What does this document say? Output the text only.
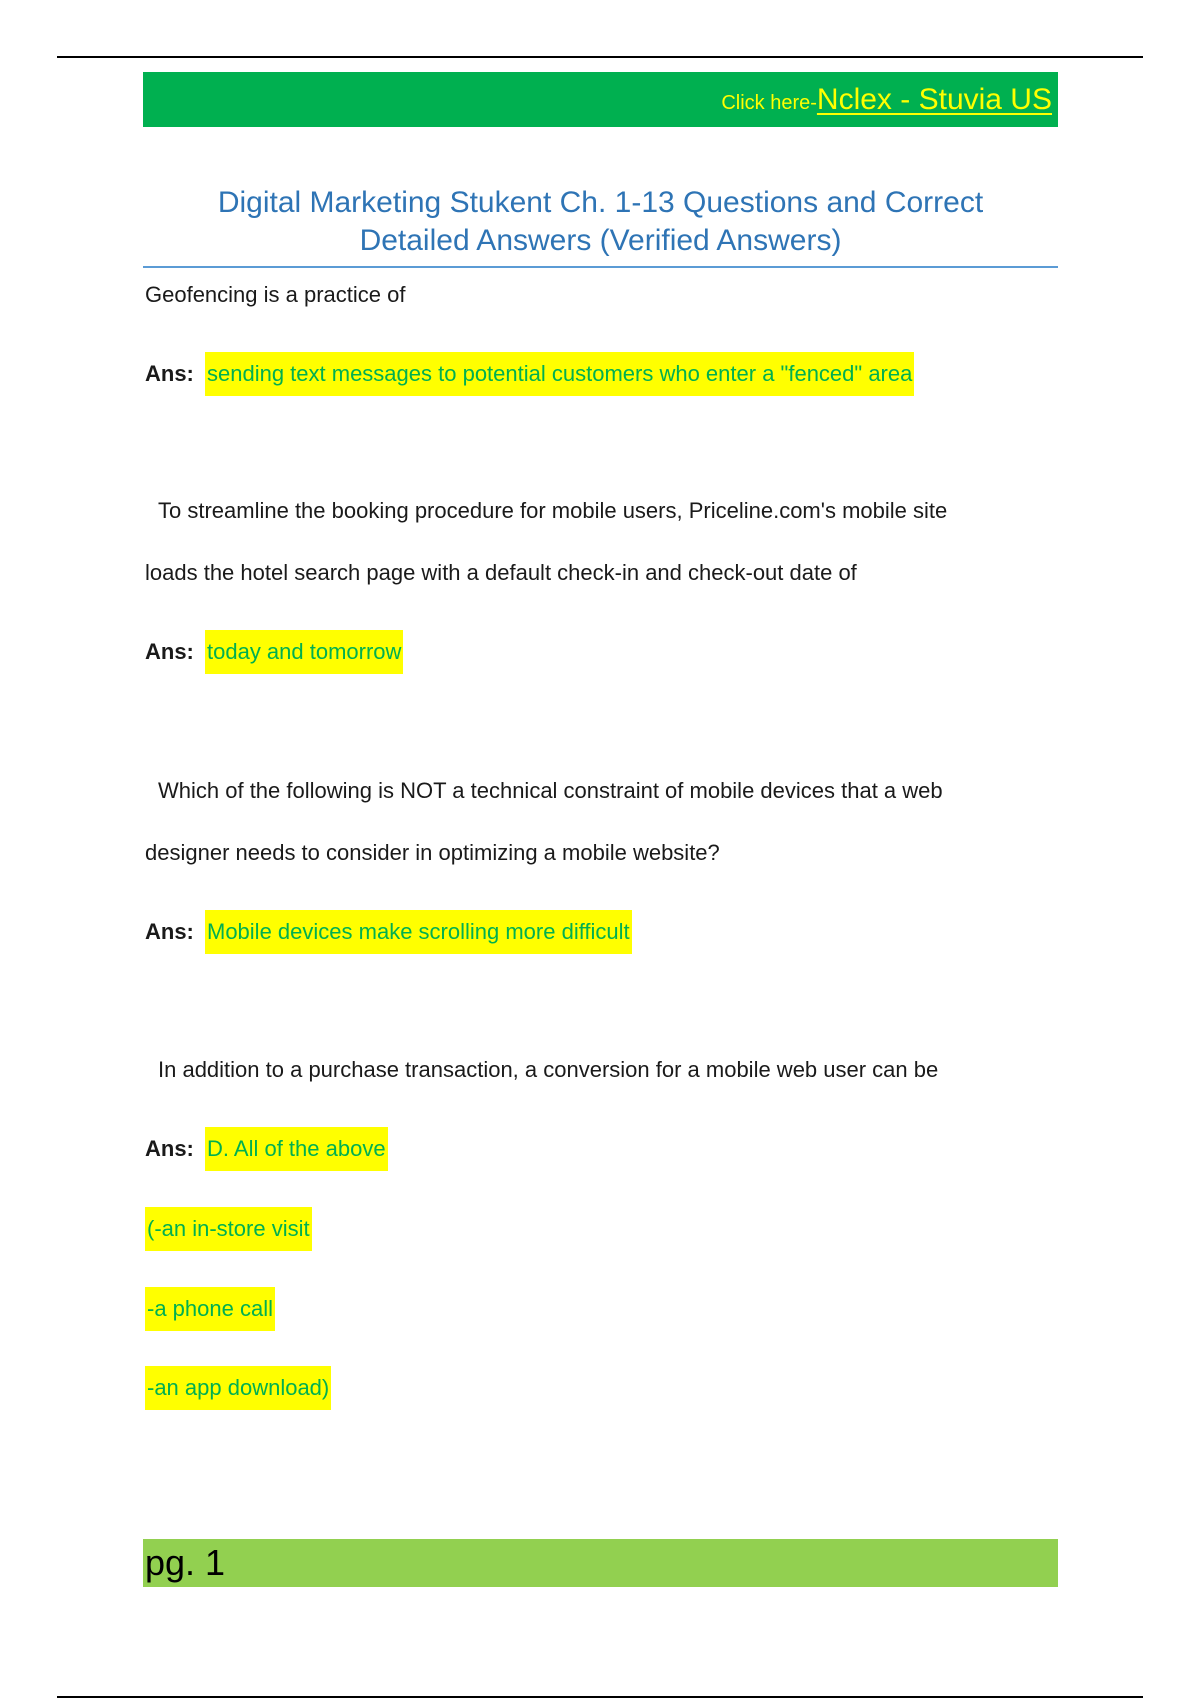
Click here- Nclex - Stuvia US
Digital Marketing Stukent Ch. 1-13 Questions and Correct
Detailed Answers (Verified Answers)
Geofencing is a practice of
Ans: sending text messages to potential customers who enter a "fenced" area
To streamline the booking procedure for mobile users, Priceline.com's mobile site
loads the hotel search page with a default check-in and check-out date of
Ans: today and tomorrow
Which of the following is NOT a technical constraint of mobile devices that a web
designer needs to consider in optimizing a mobile website?
Ans: Mobile devices make scrolling more difficult
In addition to a purchase transaction, a conversion for a mobile web user can be
Ans: D. All of the above
(-an in-store visit
-a phone call
-an app download)
pg. 1
